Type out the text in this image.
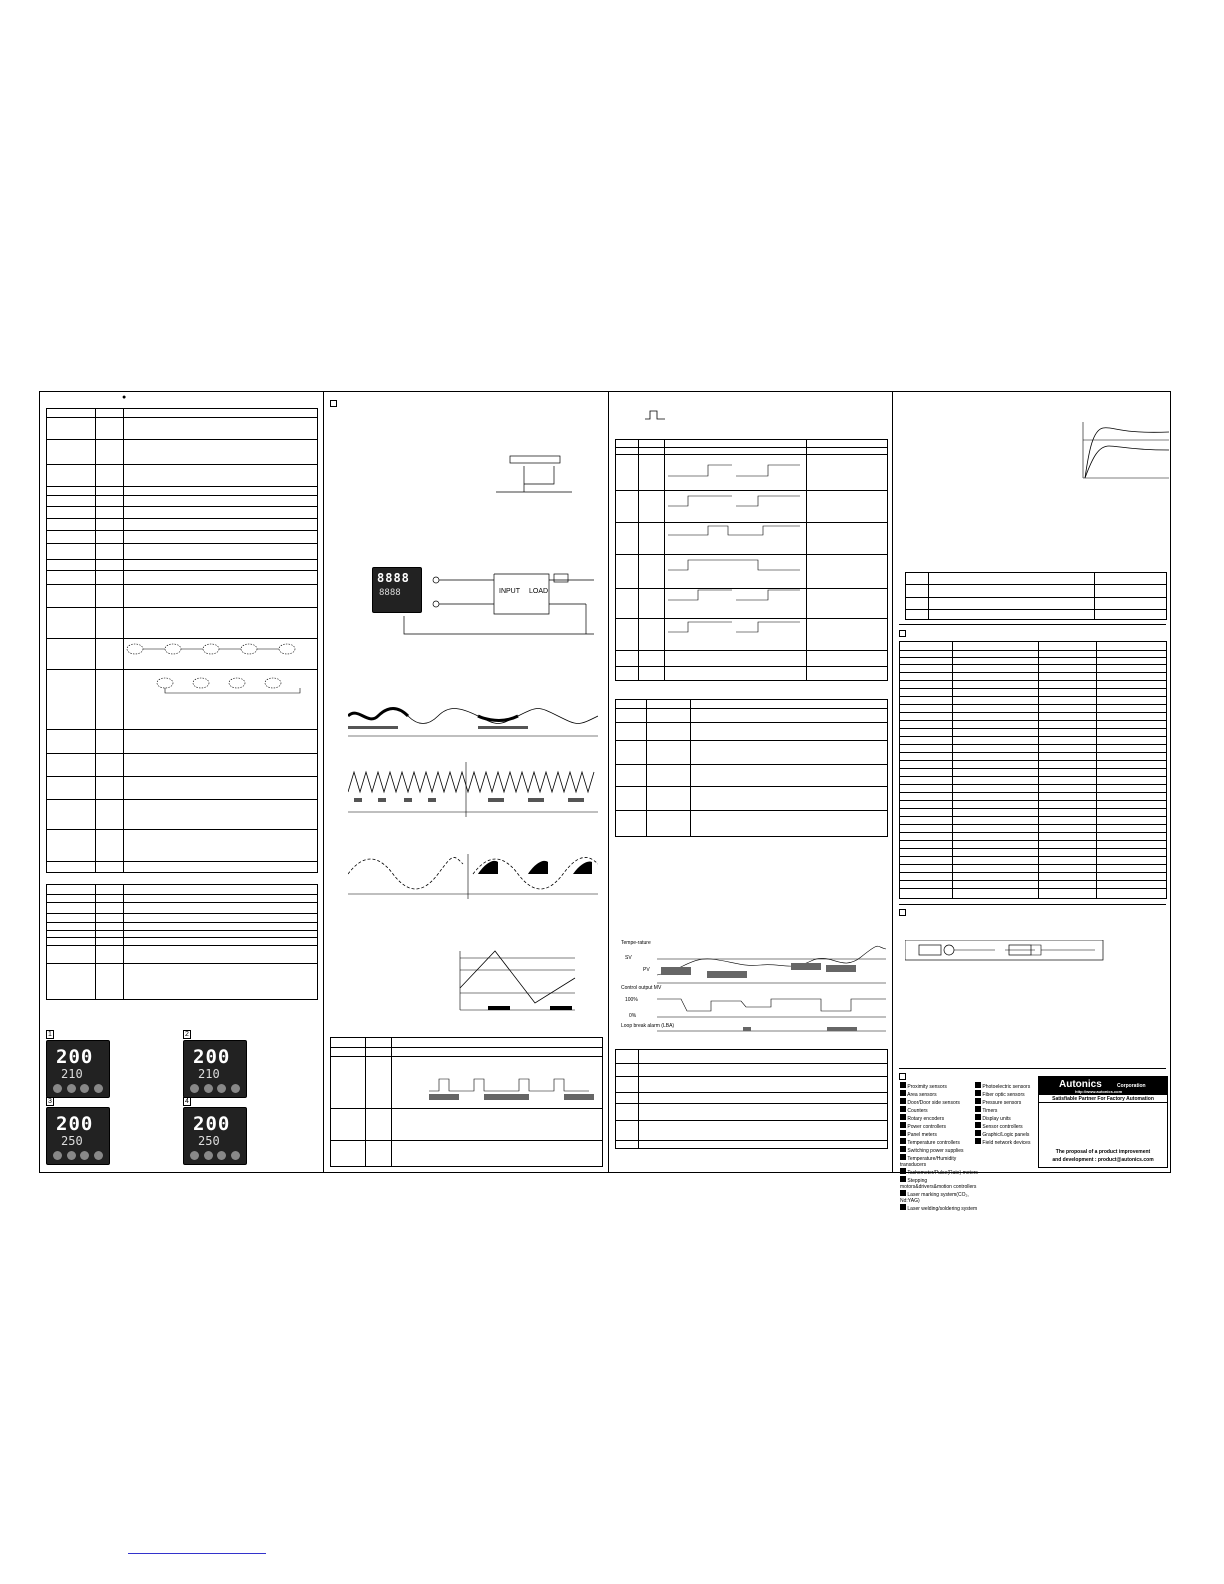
●
1
200
210
2
200
210
3
200
250
4
200
250
8888
8888	INPUT LOAD
Tempe-rature
SV
PV
Control output MV
100%
0%
Loop break alarm (LBA)
Proximity sensors
Area sensors
Door/Door side sensors
Counters
Rotary encoders
Power controllers
Panel meters
Temperature controllers
Switching power supplies
Temperature/Humidity transducers
Tachometer/Pulse(Rate) meters
Stepping motors&drivers&motion controllers
Laser marking system(CO₂, Nd:YAG)
Laser welding/soldering system
Photoelectric sensors
Fiber optic sensors
Pressure sensors
Timers
Display units
Sensor controllers
Graphic/Logic panels
Field network devices
Autonics	Corporation
http://www.autonics.com
Satisfiable Partner For Factory Automation
The proposal of a product improvement
and development : product@autonics.com
